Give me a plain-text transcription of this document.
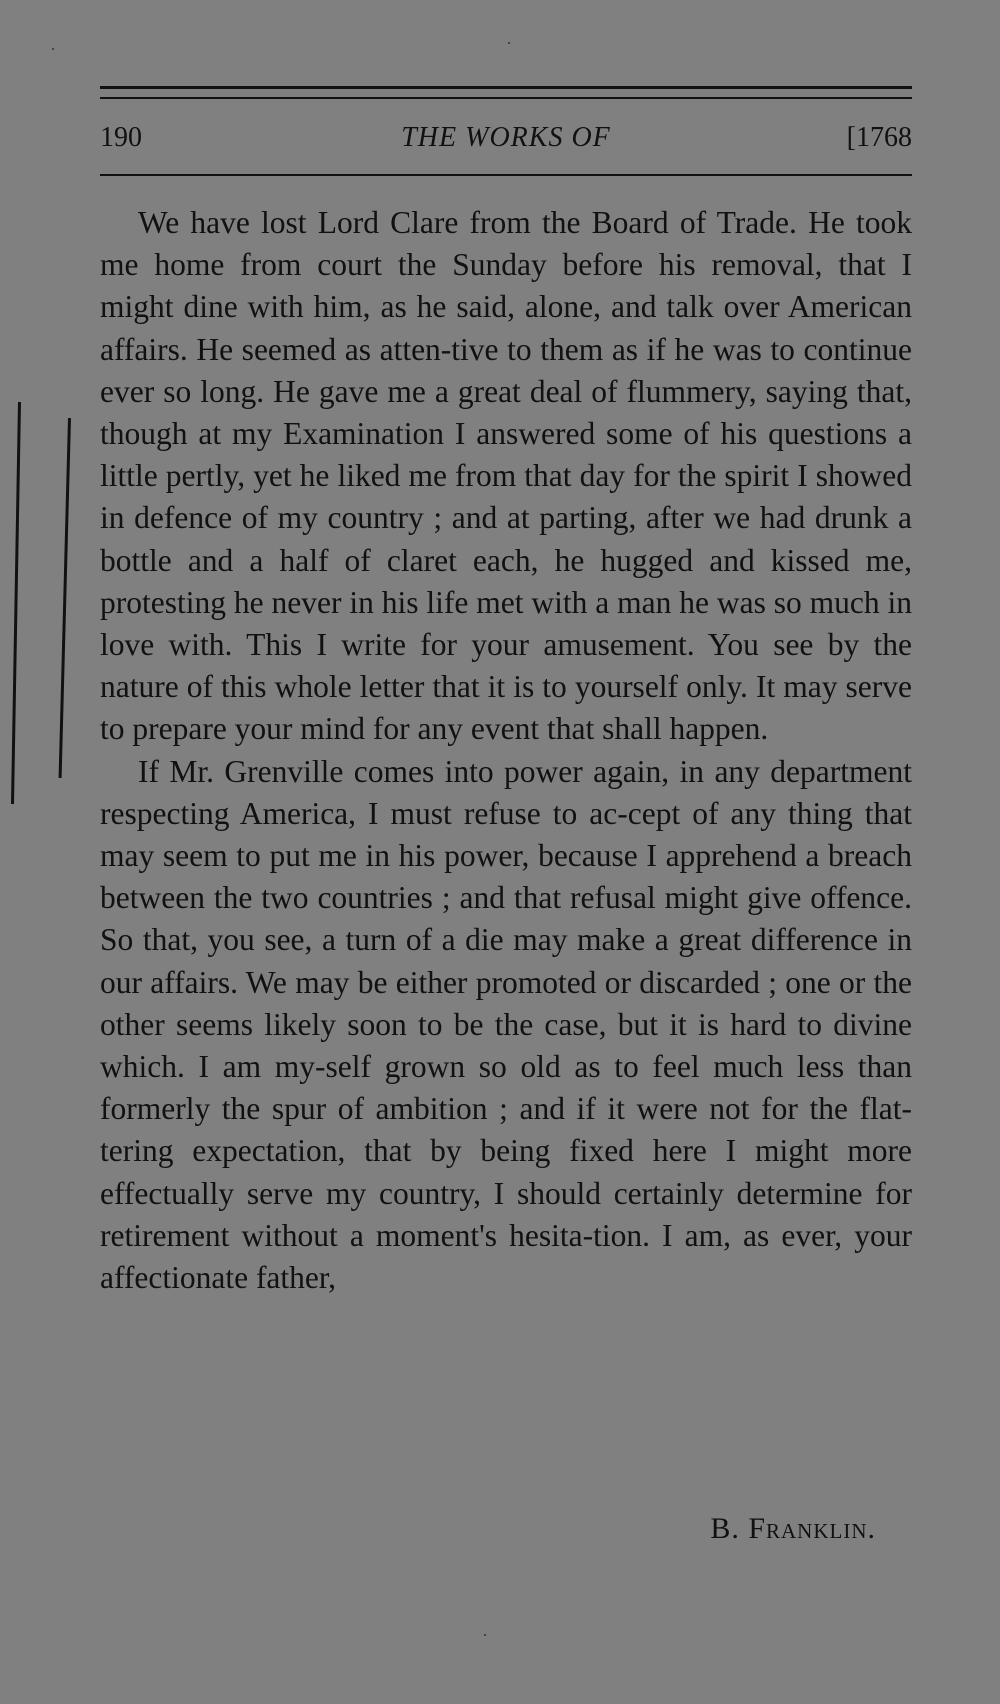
190	THE WORKS OF	[1768

We have lost Lord Clare from the Board of Trade. He took me home from court the Sunday before his removal, that I might dine with him, as he said, alone, and talk over American affairs. He seemed as atten-tive to them as if he was to continue ever so long. He gave me a great deal of flummery, saying that, though at my Examination I answered some of his questions a little pertly, yet he liked me from that day for the spirit I showed in defence of my country ; and at parting, after we had drunk a bottle and a half of claret each, he hugged and kissed me, protesting he never in his life met with a man he was so much in love with. This I write for your amusement. You see by the nature of this whole letter that it is to yourself only. It may serve to prepare your mind for any event that shall happen.

If Mr. Grenville comes into power again, in any department respecting America, I must refuse to ac-cept of any thing that may seem to put me in his power, because I apprehend a breach between the two countries ; and that refusal might give offence. So that, you see, a turn of a die may make a great difference in our affairs. We may be either promoted or discarded ; one or the other seems likely soon to be the case, but it is hard to divine which. I am my-self grown so old as to feel much less than formerly the spur of ambition ; and if it were not for the flat-tering expectation, that by being fixed here I might more effectually serve my country, I should certainly determine for retirement without a moment's hesita-tion. I am, as ever, your affectionate father,

B. Franklin.
